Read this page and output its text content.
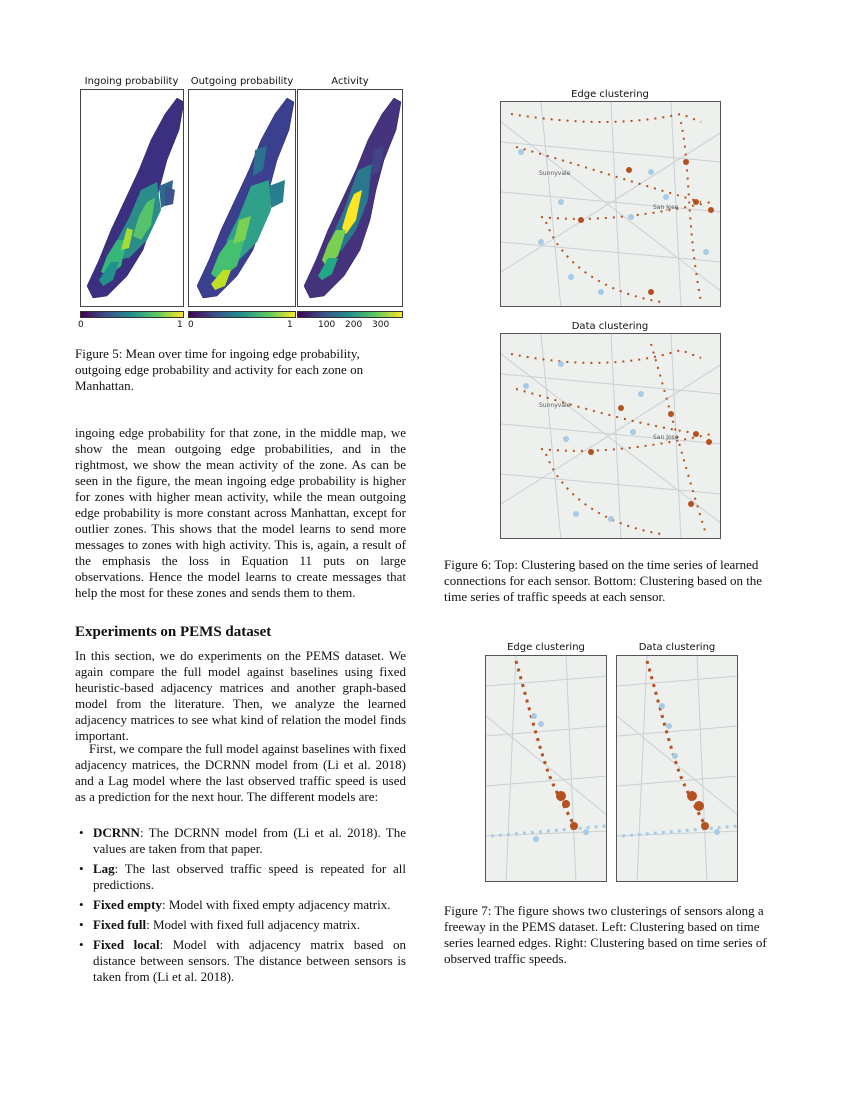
Ingoing probability	Outgoing probability	Activity
0	1 0	1	100 200 300
Figure 5: Mean over time for ingoing edge probability, outgoing edge probability and activity for each zone on Manhattan.
ingoing edge probability for that zone, in the middle map, we show the mean outgoing edge probabilities, and in the rightmost, we show the mean activity of the zone. As can be seen in the figure, the mean ingoing edge probability is higher for zones with higher mean activity, while the mean outgoing edge probability is more constant across Manhattan, except for outlier zones. This shows that the model learns to send more messages to zones with high activity. This is, again, a result of the emphasis the loss in Equation 11 puts on large observations. Hence the model learns to create messages that help the most for these zones and sends them to them.
Experiments on PEMS dataset
In this section, we do experiments on the PEMS dataset. We again compare the full model against baselines using fixed heuristic-based adjacency matrices and another graph-based model from the literature. Then, we analyze the learned adjacency matrices to see what kind of relation the model finds important.
First, we compare the full model against baselines with fixed adjacency matrices, the DCRNN model from (Li et al. 2018) and a Lag model where the last observed traffic speed is used as a prediction for the next hour. The different models are:
• DCRNN: The DCRNN model from (Li et al. 2018). The values are taken from that paper.
• Lag: The last observed traffic speed is repeated for all predictions.
• Fixed empty: Model with fixed empty adjacency matrix.
• Fixed full: Model with fixed full adjacency matrix.
• Fixed local: Model with adjacency matrix based on distance between sensors. The distance between sensors is taken from (Li et al. 2018).
Edge clustering
Sunnyvale
San Jose
Data clustering
Sunnyvale
San Jose
Figure 6: Top: Clustering based on the time series of learned connections for each sensor. Bottom: Clustering based on the time series of traffic speeds at each sensor.
Edge clustering	Data clustering
Figure 7: The figure shows two clusterings of sensors along a freeway in the PEMS dataset. Left: Clustering based on time series learned edges. Right: Clustering based on time series of observed traffic speeds.
